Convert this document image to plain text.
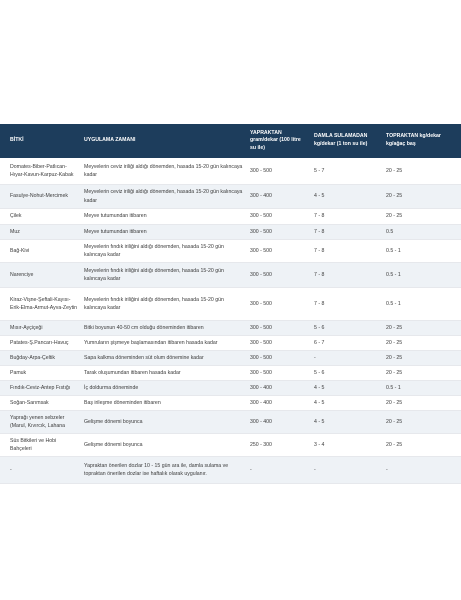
BİTKİ	UYGULAMA ZAMANI	YAPRAKTAN gram/dekar (100 litre su ile)	DAMLA SULAMADAN kg/dekar (1 ton su ile)	TOPRAKTAN kg/dekar kg/ağaç baş
Domates-Biber-Patlıcan-Hıyar-Kavun-Karpuz-Kabak	Meyvelerin ceviz iriliği aldığı dönemden, hasada 15-20 gün kalıncaya kadar	300 - 500	5 - 7	20 - 25
Fasulye-Nohut-Mercimek	Meyvelerin ceviz iriliği aldığı dönemden, hasada 15-20 gün kalıncaya kadar	300 - 400	4 - 5	20 - 25
Çilek	Meyve tutumundan itibaren	300 - 500	7 - 8	20 - 25
Muz	Meyve tutumundan itibaren	300 - 500	7 - 8	0.5
Bağ-Kivi	Meyvelerin fındık iriliğini aldığı dönemden, hasada 15-20 gün kalıncaya kadar	300 - 500	7 - 8	0.5 - 1
Narenciye	Meyvelerin fındık iriliğini aldığı dönemden, hasada 15-20 gün kalıncaya kadar	300 - 500	7 - 8	0.5 - 1
Kiraz-Vişne-Şeftali-Kayısı-Erik-Elma-Armut-Ayva-Zeytin	Meyvelerin fındık iriliğini aldığı dönemden, hasada 15-20 gün kalıncaya kadar	300 - 500	7 - 8	0.5 - 1
Mısır-Ayçiçeği	Bitki boyunun 40-50 cm olduğu döneminden itibaren	300 - 500	5 - 6	20 - 25
Patates-Ş.Pancarı-Havuç	Yumruların şişmeye başlamasından itibaren hasada kadar	300 - 500	6 - 7	20 - 25
Buğday-Arpa-Çeltik	Sapa kalkma döneminden süt olum dönemine kadar	300 - 500	-	20 - 25
Pamuk	Tarak oluşumundan itibaren hasada kadar	300 - 500	5 - 6	20 - 25
Fındık-Ceviz-Antep Fıstığı	İç doldurma döneminde	300 - 400	4 - 5	0.5 - 1
Soğan-Sarımsak	Baş irileşme döneminden itibaren	300 - 400	4 - 5	20 - 25
Yaprağı yenen sebzeler (Marul, Kıvırcık, Lahana	Gelişme dönemi boyunca	300 - 400	4 - 5	20 - 25
Süs Bitkileri ve Hobi Bahçeleri	Gelişme dönemi boyunca	250 - 300	3 - 4	20 - 25
-	Yapraktan önerilen dozlar 10 - 15 gün ara ile, damla sulama ve topraktan önerilen dozlar ise haftalık olarak uygulanır.	-	-	-
